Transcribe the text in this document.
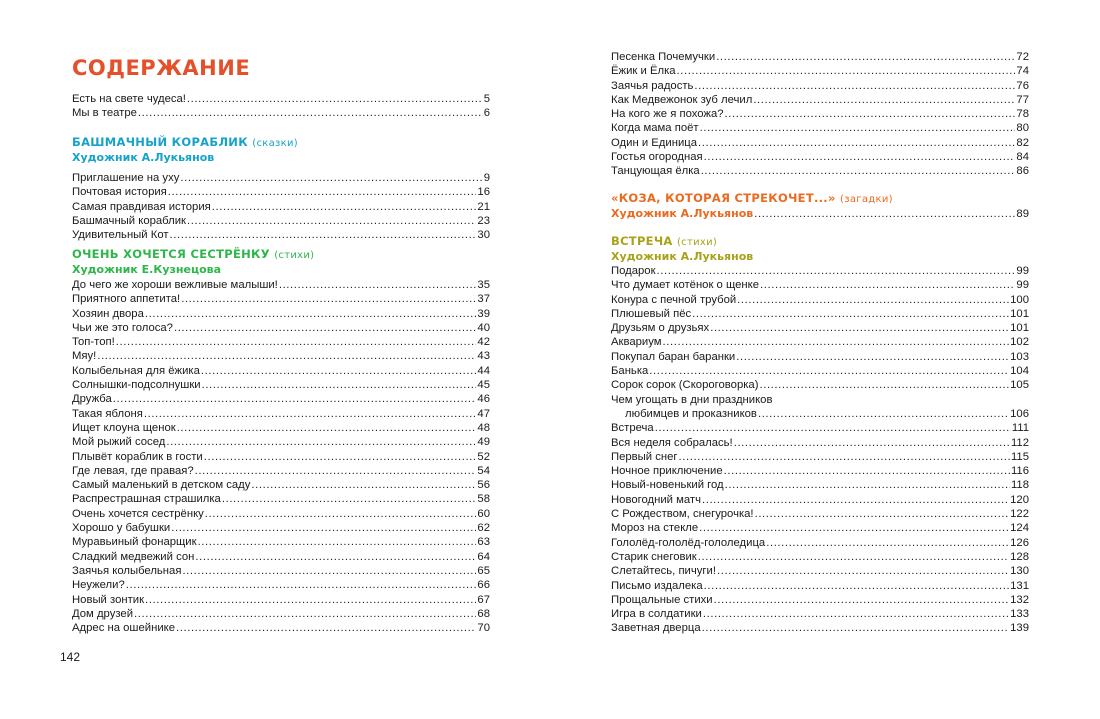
СОДЕРЖАНИЕ
Есть на свете чудеса! .....	5
Мы в театре .....	6
БАШМАЧНЫЙ КОРАБЛИК (сказки)
Художник А.Лукьянов
Приглашение на уху .....	9
Почтовая история .....	16
Самая правдивая история .....	21
Башмачный кораблик .....	23
Удивительный Кот .....	30
ОЧЕНЬ ХОЧЕТСЯ СЕСТРЁНКУ (стихи)
Художник Е.Кузнецова
До чего же хороши вежливые малыши! .....	35
Приятного аппетита! .....	37
Хозяин двора .....	39
Чьи же это голоса? .....	40
Топ-топ! .....	42
Мяу! .....	43
Колыбельная для ёжика .....	44
Солнышки-подсолнушки .....	45
Дружба .....	46
Такая яблоня .....	47
Ищет клоуна щенок .....	48
Мой рыжий сосед .....	49
Плывёт кораблик в гости .....	52
Где левая, где правая? .....	54
Самый маленький в детском саду .....	56
Распрестрашная страшилка .....	58
Очень хочется сестрёнку .....	60
Хорошо у бабушки .....	62
Муравьиный фонарщик .....	63
Сладкий медвежий сон .....	64
Заячья колыбельная .....	65
Неужели? .....	66
Новый зонтик .....	67
Дом друзей .....	68
Адрес на ошейнике .....	70
142
Песенка Почемучки .....	72
Ёжик и Ёлка .....	74
Заячья радость .....	76
Как Медвежонок зуб лечил .....	77
На кого же я похожа? .....	78
Когда мама поёт .....	80
Один и Единица .....	82
Гостья огородная .....	84
Танцующая ёлка .....	86
«КОЗА, КОТОРАЯ СТРЕКОЧЕТ...» (загадки)
Художник А.Лукьянов .....	89
ВСТРЕЧА (стихи)
Художник А.Лукьянов
Подарок .....	99
Что думает котёнок о щенке .....	99
Конура с печной трубой .....	100
Плюшевый пёс .....	101
Друзьям о друзьях .....	101
Аквариум .....	102
Покупал баран баранки .....	103
Банька .....	104
Сорок сорок (Скороговорка) .....	105
Чем угощать в дни праздников
любимцев и проказников .....	106
Встреча .....	111
Вся неделя собралась! .....	112
Первый снег .....	115
Ночное приключение .....	116
Новый-новенький год .....	118
Новогодний матч .....	120
С Рождеством, снегурочка! .....	122
Мороз на стекле .....	124
Гололёд-гололёд-гололедица .....	126
Старик снеговик .....	128
Слетайтесь, пичуги! .....	130
Письмо издалека .....	131
Прощальные стихи .....	132
Игра в солдатики .....	133
Заветная дверца .....	139
